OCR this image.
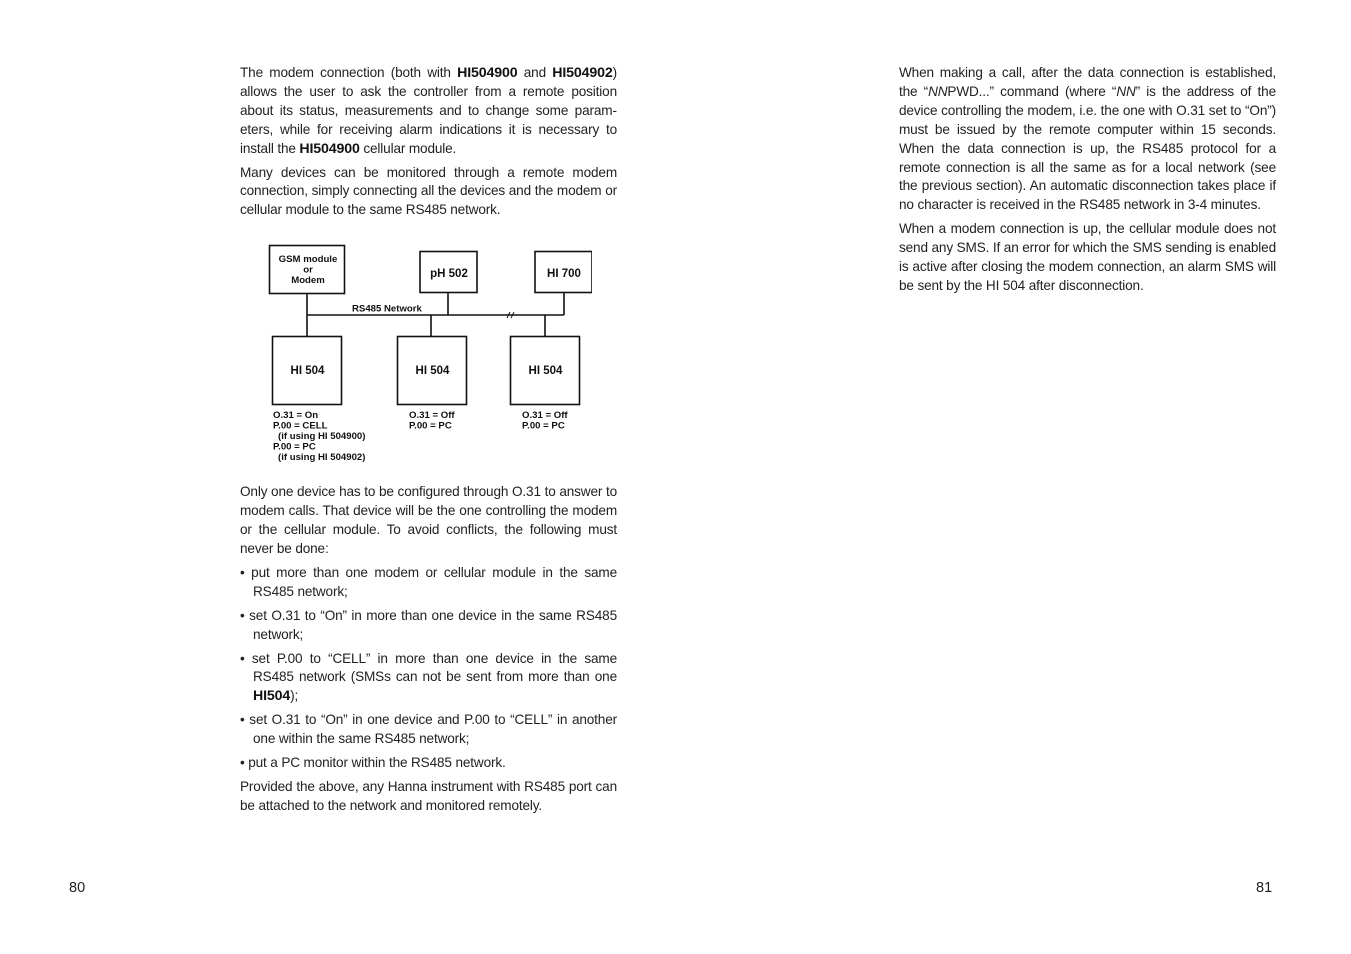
The modem connection (both with HI504900 and HI504902) allows the user to ask the controller from a remote position about its status, measurements and to change some parameters, while for receiving alarm indications it is necessary to install the HI504900 cellular module.

Many devices can be monitored through a remote modem connection, simply connecting all the devices and the modem or cellular module to the same RS485 network.

Only one device has to be configured through O.31 to answer to modem calls. That device will be the one controlling the modem or the cellular module. To avoid conflicts, the following must never be done:

• put more than one modem or cellular module in the same RS485 network;
• set O.31 to “On” in more than one device in the same RS485 network;
• set P.00 to “CELL” in more than one device in the same RS485 network (SMSs can not be sent from more than one HI504);
• set O.31 to “On” in one device and P.00 to “CELL” in another one within the same RS485 network;
• put a PC monitor within the RS485 network.

Provided the above, any Hanna instrument with RS485 port can be attached to the network and monitored remotely.

GSM module
or
Modem
pH 502	HI 700
RS485 Network
HI 504	HI 504	HI 504
O.31 = On
P.00 = CELL
(if using HI 504900)
P.00 = PC
(if using HI 504902)
O.31 = Off
P.00 = PC
O.31 = Off
P.00 = PC

When making a call, after the data connection is established, the “NNPWD...” command (where “NN” is the address of the device controlling the modem, i.e. the one with O.31 set to “On”) must be issued by the remote computer within 15 seconds. When the data connection is up, the RS485 protocol for a remote connection is all the same as for a local network (see the previous section). An automatic disconnection takes place if no character is received in the RS485 network in 3-4 minutes.

When a modem connection is up, the cellular module does not send any SMS. If an error for which the SMS sending is enabled is active after closing the modem connection, an alarm SMS will be sent by the HI 504 after disconnection.

80	81
